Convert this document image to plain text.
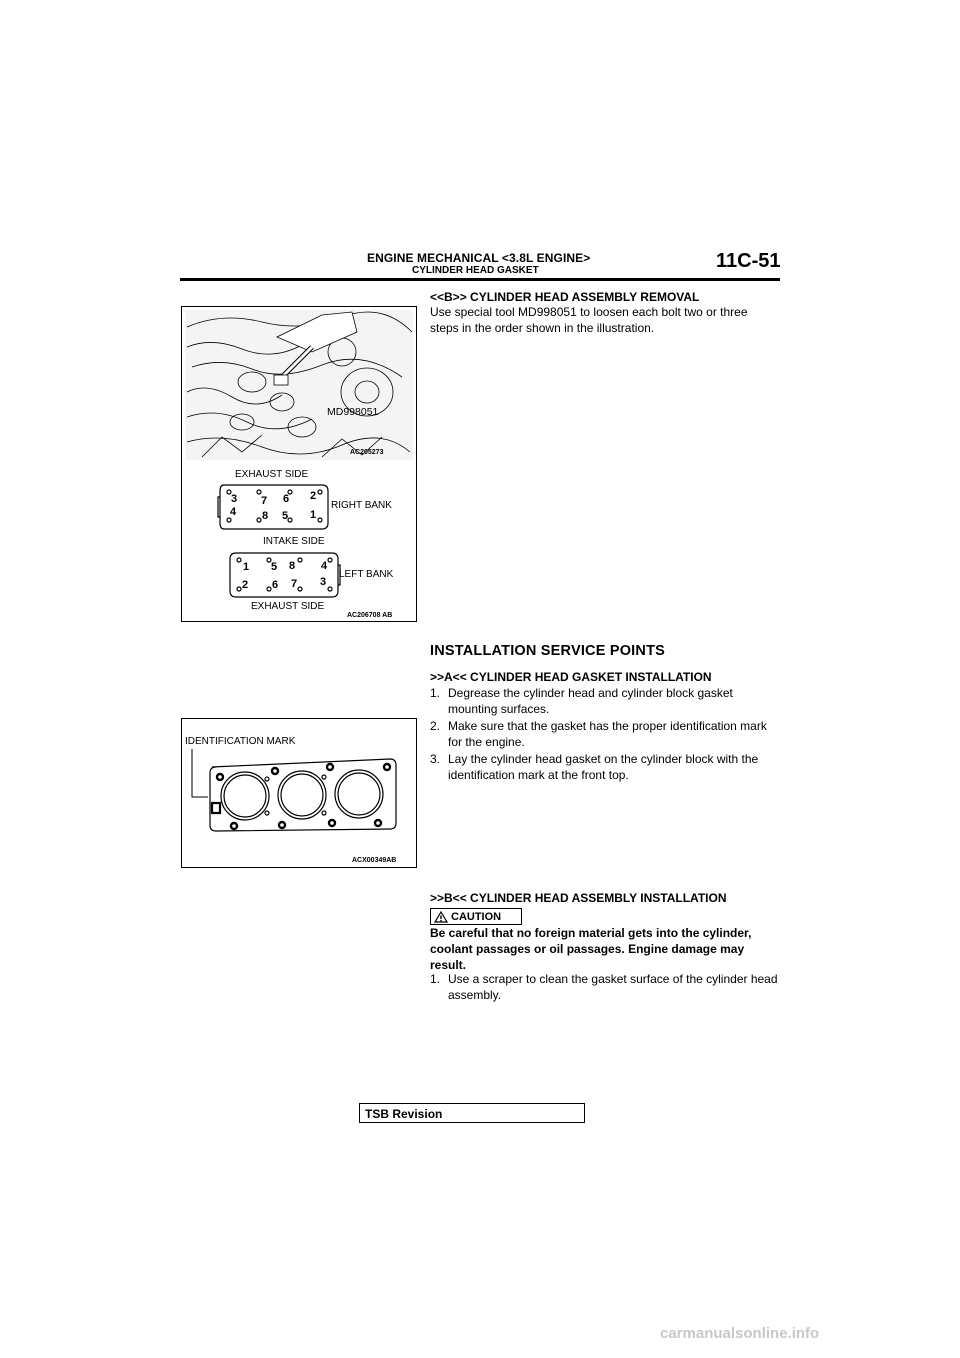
ENGINE MECHANICAL <3.8L ENGINE>
CYLINDER HEAD GASKET	11C-51
MD998051
AC205273
EXHAUST SIDE
3 7 6 2
4 8 5 1
RIGHT BANK
INTAKE SIDE
1 5 8 4
2 6 7 3
LEFT BANK
EXHAUST SIDE
AC206708 AB
IDENTIFICATION MARK
ACX00349AB
<<B>> CYLINDER HEAD ASSEMBLY REMOVAL
Use special tool MD998051 to loosen each bolt two or three steps in the order shown in the illustration.
INSTALLATION SERVICE POINTS
>>A<< CYLINDER HEAD GASKET INSTALLATION
1. Degrease the cylinder head and cylinder block gasket mounting surfaces.
2. Make sure that the gasket has the proper identification mark for the engine.
3. Lay the cylinder head gasket on the cylinder block with the identification mark at the front top.
>>B<< CYLINDER HEAD ASSEMBLY INSTALLATION
CAUTION
Be careful that no foreign material gets into the cylinder, coolant passages or oil passages. Engine damage may result.
1. Use a scraper to clean the gasket surface of the cylinder head assembly.
TSB Revision
carmanualsonline.info
